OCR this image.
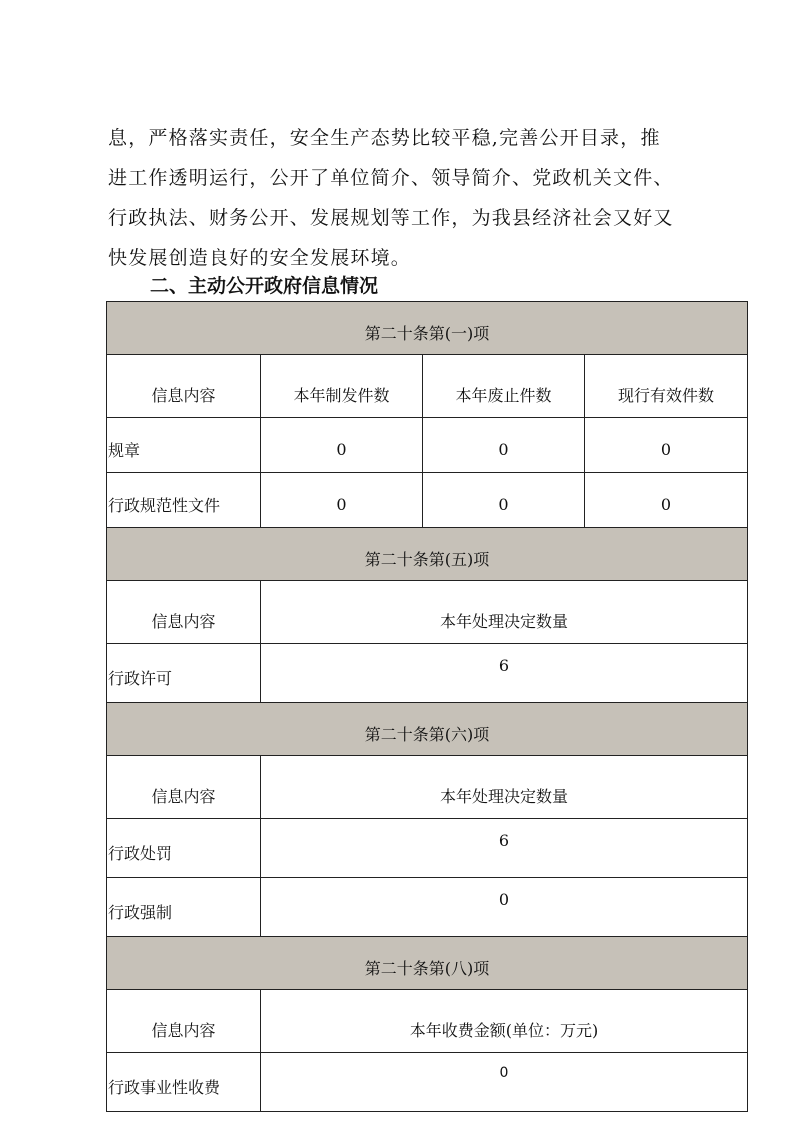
息，严格落实责任，安全生产态势比较平稳,完善公开目录，推
进工作透明运行，公开了单位简介、领导简介、党政机关文件、
行政执法、财务公开、发展规划等工作，为我县经济社会又好又
快发展创造良好的安全发展环境。
二、主动公开政府信息情况
第二十条第(一)项			
信息内容	本年制发件数	本年废止件数	现行有效件数
规章	0	0	0
行政规范性文件	0	0	0
第二十条第(五)项			
信息内容	本年处理决定数量		
行政许可	6		
第二十条第(六)项			
信息内容	本年处理决定数量		
行政处罚	6		
行政强制	0		
第二十条第(八)项			
信息内容	本年收费金额(单位：万元)		
行政事业性收费	0		
